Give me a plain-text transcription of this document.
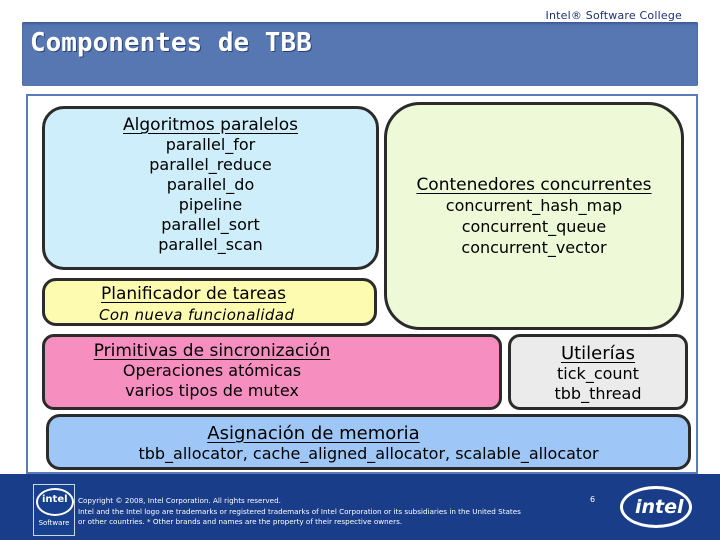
Intel® Software College
Componentes de TBB
Algoritmos paralelos
parallel_for
parallel_reduce
parallel_do
pipeline
parallel_sort
parallel_scan
Contenedores concurrentes
concurrent_hash_map
concurrent_queue
concurrent_vector
Planificador de tareas
Con nueva funcionalidad
Primitivas de sincronización
Operaciones atómicas
varios tipos de mutex
Utilerías
tick_count
tbb_thread
Asignación de memoria
tbb_allocator, cache_aligned_allocator, scalable_allocator
intel
Software
Copyright © 2008, Intel Corporation. All rights reserved.
Intel and the Intel logo are trademarks or registered trademarks of Intel Corporation or its subsidiaries in the United States
or other countries. * Other brands and names are the property of their respective owners.
6 intel
